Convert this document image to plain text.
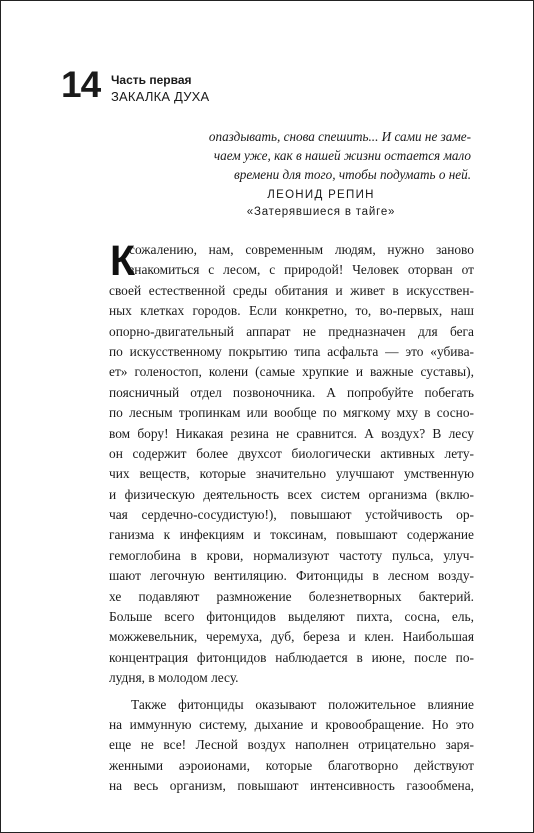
14 Часть первая
ЗАКАЛКА ДУХА
опаздывать, снова спешить... И сами не заме-
чаем уже, как в нашей жизни остается мало
времени для того, чтобы подумать о ней.
ЛЕОНИД РЕПИН
«Затерявшиеся в тайге»
К
сожалению, нам, современным людям, нужно заново
знакомиться с лесом, с природой! Человек оторван от
своей естественной среды обитания и живет в искусствен-
ных клетках городов. Если конкретно, то, во-первых, наш
опорно-двигательный аппарат не предназначен для бега
по искусственному покрытию типа асфальта — это «убива-
ет» голеностоп, колени (самые хрупкие и важные суставы),
поясничный отдел позвоночника. А попробуйте побегать
по лесным тропинкам или вообще по мягкому мху в сосно-
вом бору! Никакая резина не сравнится. А воздух? В лесу
он содержит более двухсот биологически активных лету-
чих веществ, которые значительно улучшают умственную
и физическую деятельность всех систем организма (вклю-
чая сердечно-сосудистую!), повышают устойчивость ор-
ганизма к инфекциям и токсинам, повышают содержание
гемоглобина в крови, нормализуют частоту пульса, улуч-
шают легочную вентиляцию. Фитонциды в лесном возду-
хе подавляют размножение болезнетворных бактерий.
Больше всего фитонцидов выделяют пихта, сосна, ель,
можжевельник, черемуха, дуб, береза и клен. Наибольшая
концентрация фитонцидов наблюдается в июне, после по-
лудня, в молодом лесу.
Также фитонциды оказывают положительное влияние
на иммунную систему, дыхание и кровообращение. Но это
еще не все! Лесной воздух наполнен отрицательно заря-
женными аэроионами, которые благотворно действуют
на весь организм, повышают интенсивность газообмена,
